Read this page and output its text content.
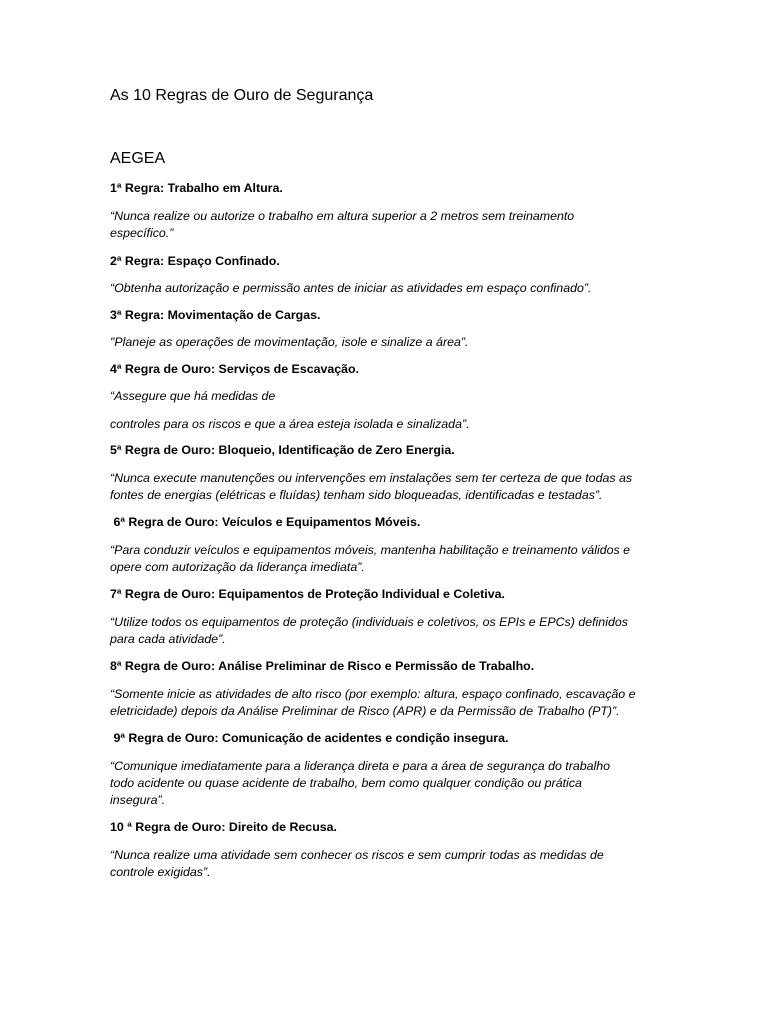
As 10 Regras de Ouro de Segurança
AEGEA
1ª Regra: Trabalho em Altura.
“Nunca realize ou autorize o trabalho em altura superior a 2 metros sem treinamento
específico.”
2ª Regra: Espaço Confinado.
“Obtenha autorização e permissão antes de iniciar as atividades em espaço confinado”.
3ª Regra: Movimentação de Cargas.
"Planeje as operações de movimentação, isole e sinalize a área”.
4ª Regra de Ouro: Serviços de Escavação.
“Assegure que há medidas de
controles para os riscos e que a área esteja isolada e sinalizada”.
5ª Regra de Ouro: Bloqueio, Identificação de Zero Energia.
“Nunca execute manutenções ou intervenções em instalações sem ter certeza de que todas as
fontes de energias (elétricas e fluídas) tenham sido bloqueadas, identificadas e testadas”.
6ª Regra de Ouro: Veículos e Equipamentos Móveis.
“Para conduzir veículos e equipamentos móveis, mantenha habilitação e treinamento válidos e
opere com autorização da liderança imediata”.
7ª Regra de Ouro: Equipamentos de Proteção Individual e Coletiva.
“Utilize todos os equipamentos de proteção (individuais e coletivos, os EPIs e EPCs) definidos
para cada atividade”.
8ª Regra de Ouro: Análise Preliminar de Risco e Permissão de Trabalho.
“Somente inicie as atividades de alto risco (por exemplo: altura, espaço confinado, escavação e
eletricidade) depois da Análise Preliminar de Risco (APR) e da Permissão de Trabalho (PT)”.
9ª Regra de Ouro: Comunicação de acidentes e condição insegura.
“Comunique imediatamente para a liderança direta e para a área de segurança do trabalho
todo acidente ou quase acidente de trabalho, bem como qualquer condição ou prática
insegura”.
10 ª Regra de Ouro: Direito de Recusa.
“Nunca realize uma atividade sem conhecer os riscos e sem cumprir todas as medidas de
controle exigidas”.
